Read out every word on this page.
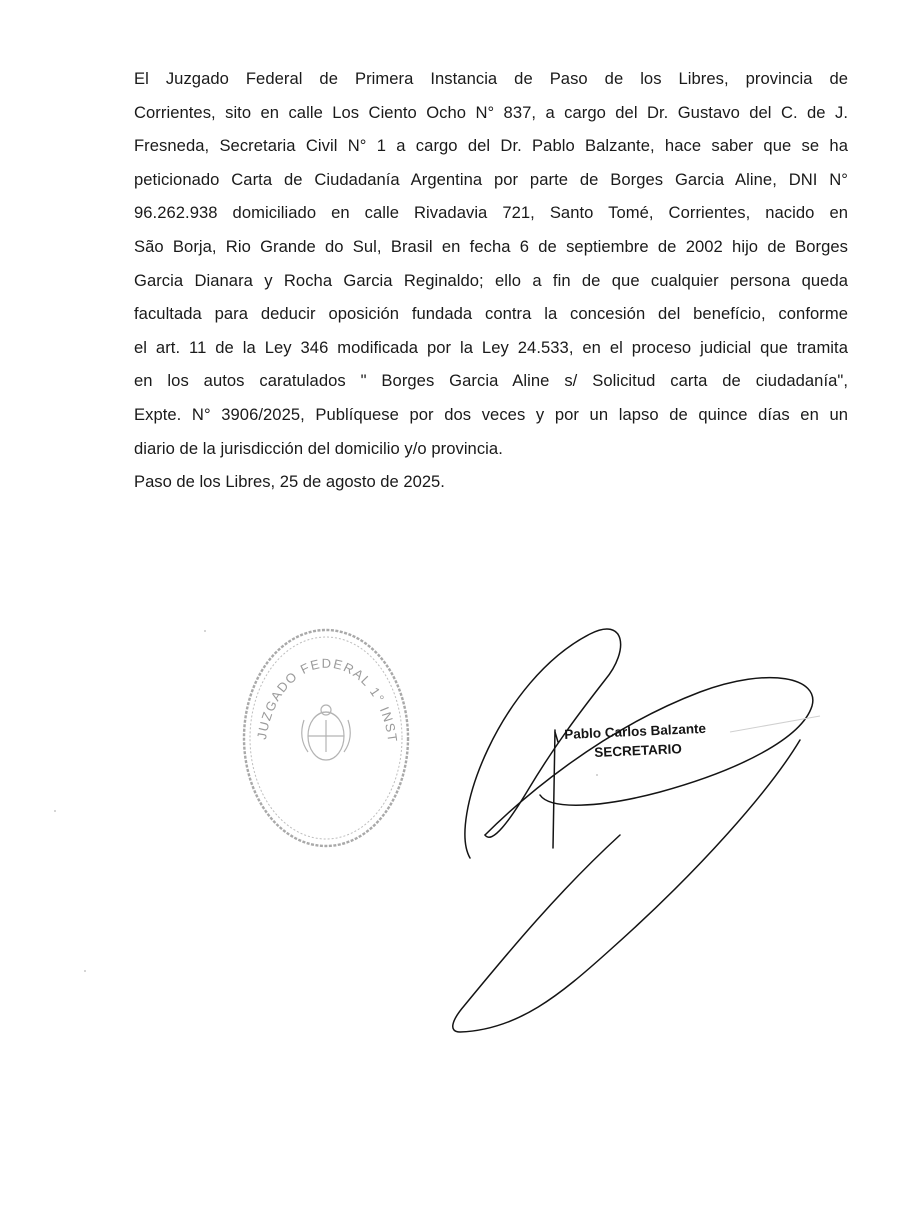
El Juzgado Federal de Primera Instancia de Paso de los Libres, provincia de
Corrientes, sito en calle Los Ciento Ocho N° 837, a cargo del Dr. Gustavo del C. de J.
Fresneda, Secretaria Civil N° 1 a cargo del Dr. Pablo Balzante, hace saber que se ha
peticionado Carta de Ciudadanía Argentina por parte de Borges Garcia Aline, DNI N°
96.262.938 domiciliado en calle Rivadavia 721, Santo Tomé, Corrientes, nacido en
São Borja, Rio Grande do Sul, Brasil en fecha 6 de septiembre de 2002 hijo de Borges
Garcia Dianara y Rocha Garcia Reginaldo; ello a fin de que cualquier persona queda
facultada para deducir oposición fundada contra la concesión del benefício, conforme
el art. 11 de la Ley 346 modificada por la Ley 24.533, en el proceso judicial que tramita
en los autos caratulados " Borges Garcia Aline s/ Solicitud carta de ciudadanía",
Expte. N° 3906/2025, Publíquese por dos veces y por un lapso de quince días en un
diario de la jurisdicción del domicilio y/o provincia.
Paso de los Libres, 25 de agosto de 2025.
JUZGADO FEDERAL 1° INST	Pablo Carlos Balzante
SECRETARIO
